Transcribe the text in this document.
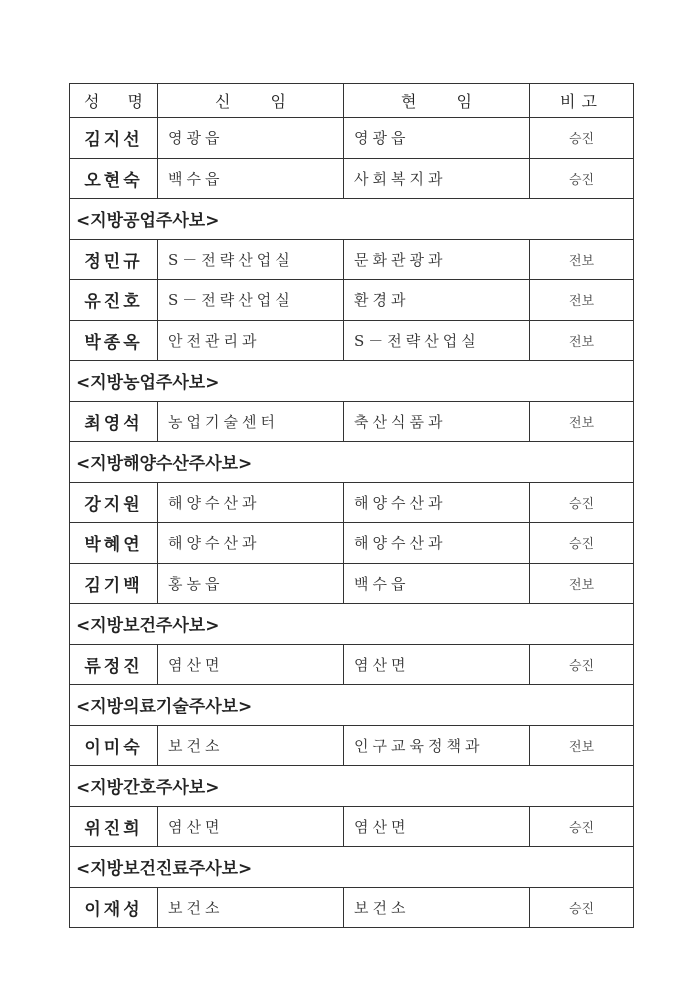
성 명	신 임	현 임	비고

김지선	영광읍	영광읍	승진

오현숙	백수읍	사회복지과	승진
<지방공업주사보>			

정민규	S－전략산업실	문화관광과	전보

유진호	S－전략산업실	환경과	전보

박종옥	안전관리과	S－전략산업실	전보
<지방농업주사보>			

최영석	농업기술센터	축산식품과	전보
<지방해양수산주사보>			

강지원	해양수산과	해양수산과	승진

박혜연	해양수산과	해양수산과	승진

김기백	홍농읍	백수읍	전보
<지방보건주사보>			

류정진	염산면	염산면	승진
<지방의료기술주사보>			

이미숙	보건소	인구교육정책과	전보
<지방간호주사보>			

위진희	염산면	염산면	승진
<지방보건진료주사보>			

이재성	보건소	보건소	승진
